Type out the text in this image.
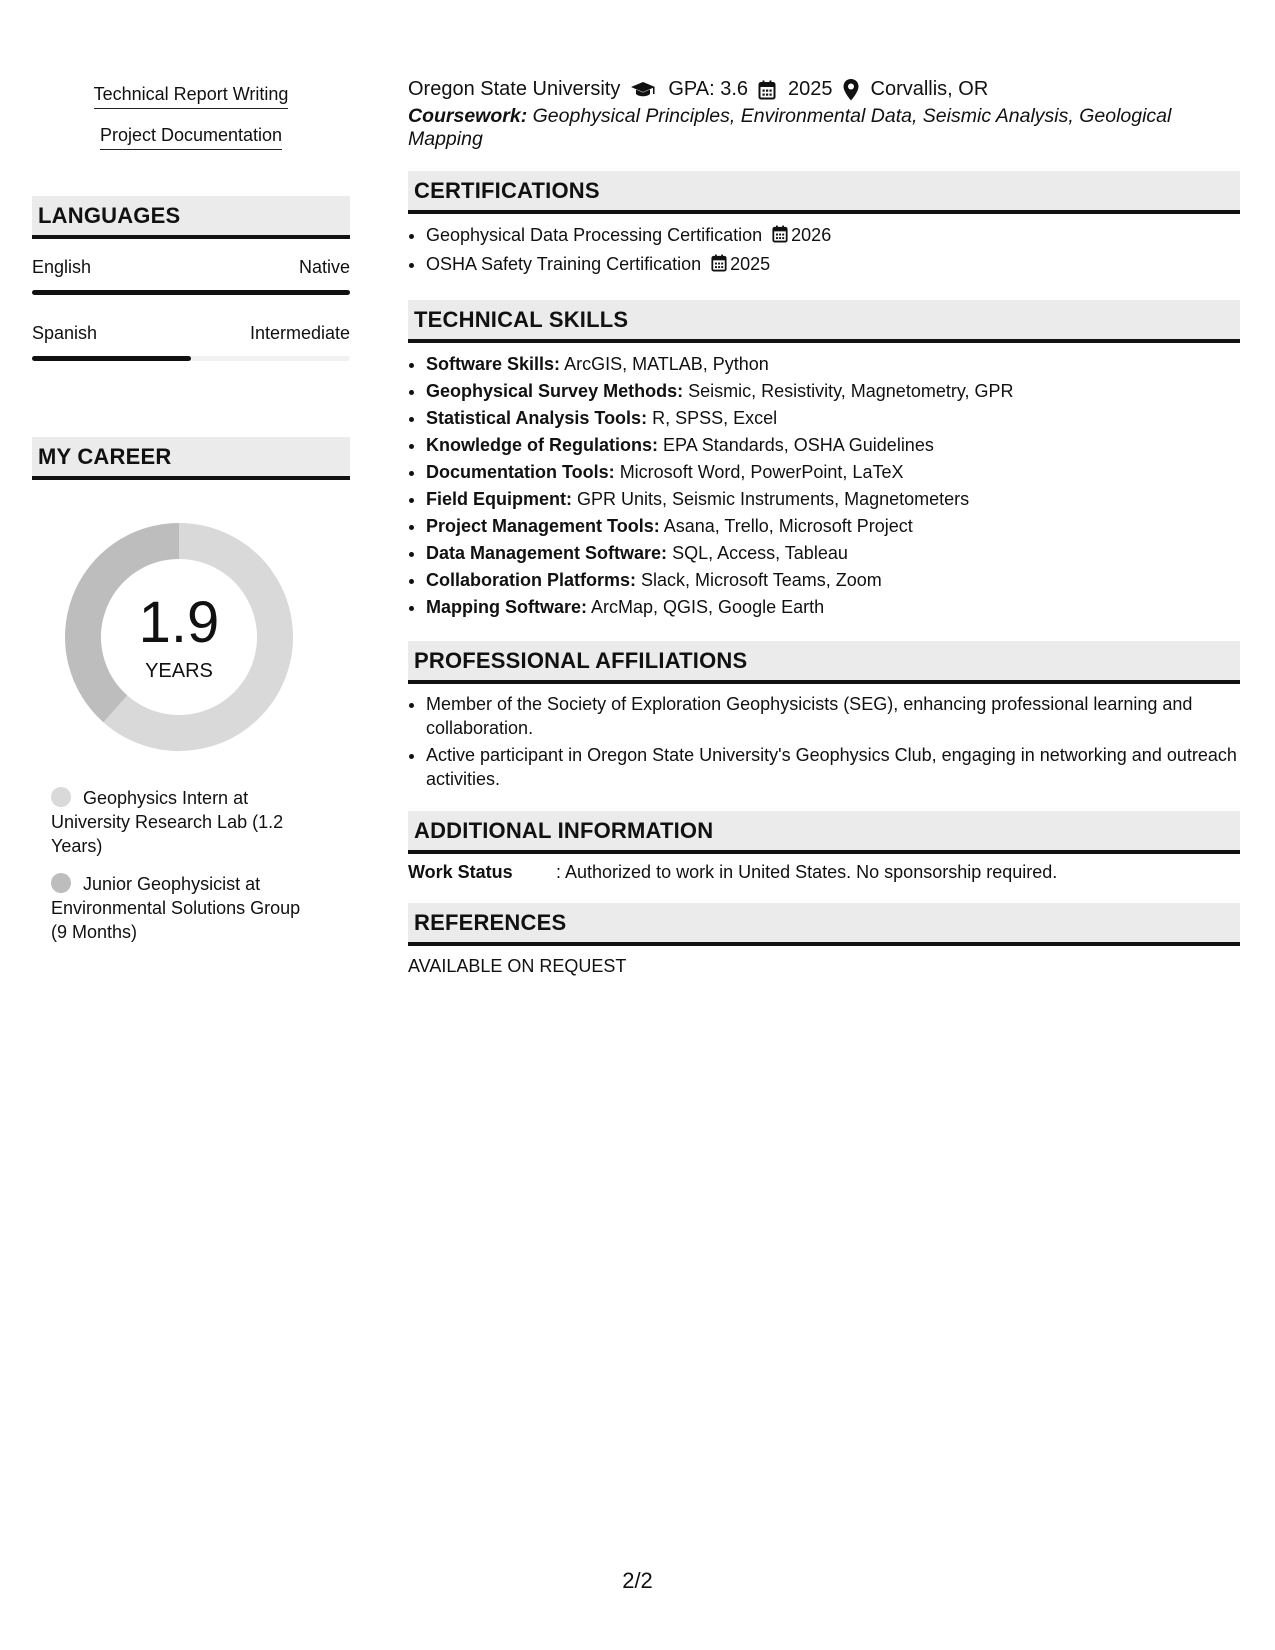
Technical Report Writing
Project Documentation
LANGUAGES
English	Native
Spanish	Intermediate
MY CAREER
1.9
YEARS
Geophysics Intern at University Research Lab (1.2 Years)
Junior Geophysicist at Environmental Solutions Group (9 Months)
Oregon State University GPA: 3.6 2025 Corvallis, OR
Coursework: Geophysical Principles, Environmental Data, Seismic Analysis, Geological Mapping
CERTIFICATIONS
• Geophysical Data Processing Certification 2026
• OSHA Safety Training Certification 2025
TECHNICAL SKILLS
• Software Skills: ArcGIS, MATLAB, Python
• Geophysical Survey Methods: Seismic, Resistivity, Magnetometry, GPR
• Statistical Analysis Tools: R, SPSS, Excel
• Knowledge of Regulations: EPA Standards, OSHA Guidelines
• Documentation Tools: Microsoft Word, PowerPoint, LaTeX
• Field Equipment: GPR Units, Seismic Instruments, Magnetometers
• Project Management Tools: Asana, Trello, Microsoft Project
• Data Management Software: SQL, Access, Tableau
• Collaboration Platforms: Slack, Microsoft Teams, Zoom
• Mapping Software: ArcMap, QGIS, Google Earth
PROFESSIONAL AFFILIATIONS
• Member of the Society of Exploration Geophysicists (SEG), enhancing professional learning and collaboration.
• Active participant in Oregon State University's Geophysics Club, engaging in networking and outreach activities.
ADDITIONAL INFORMATION
Work Status	: Authorized to work in United States. No sponsorship required.
REFERENCES
AVAILABLE ON REQUEST
2/2
